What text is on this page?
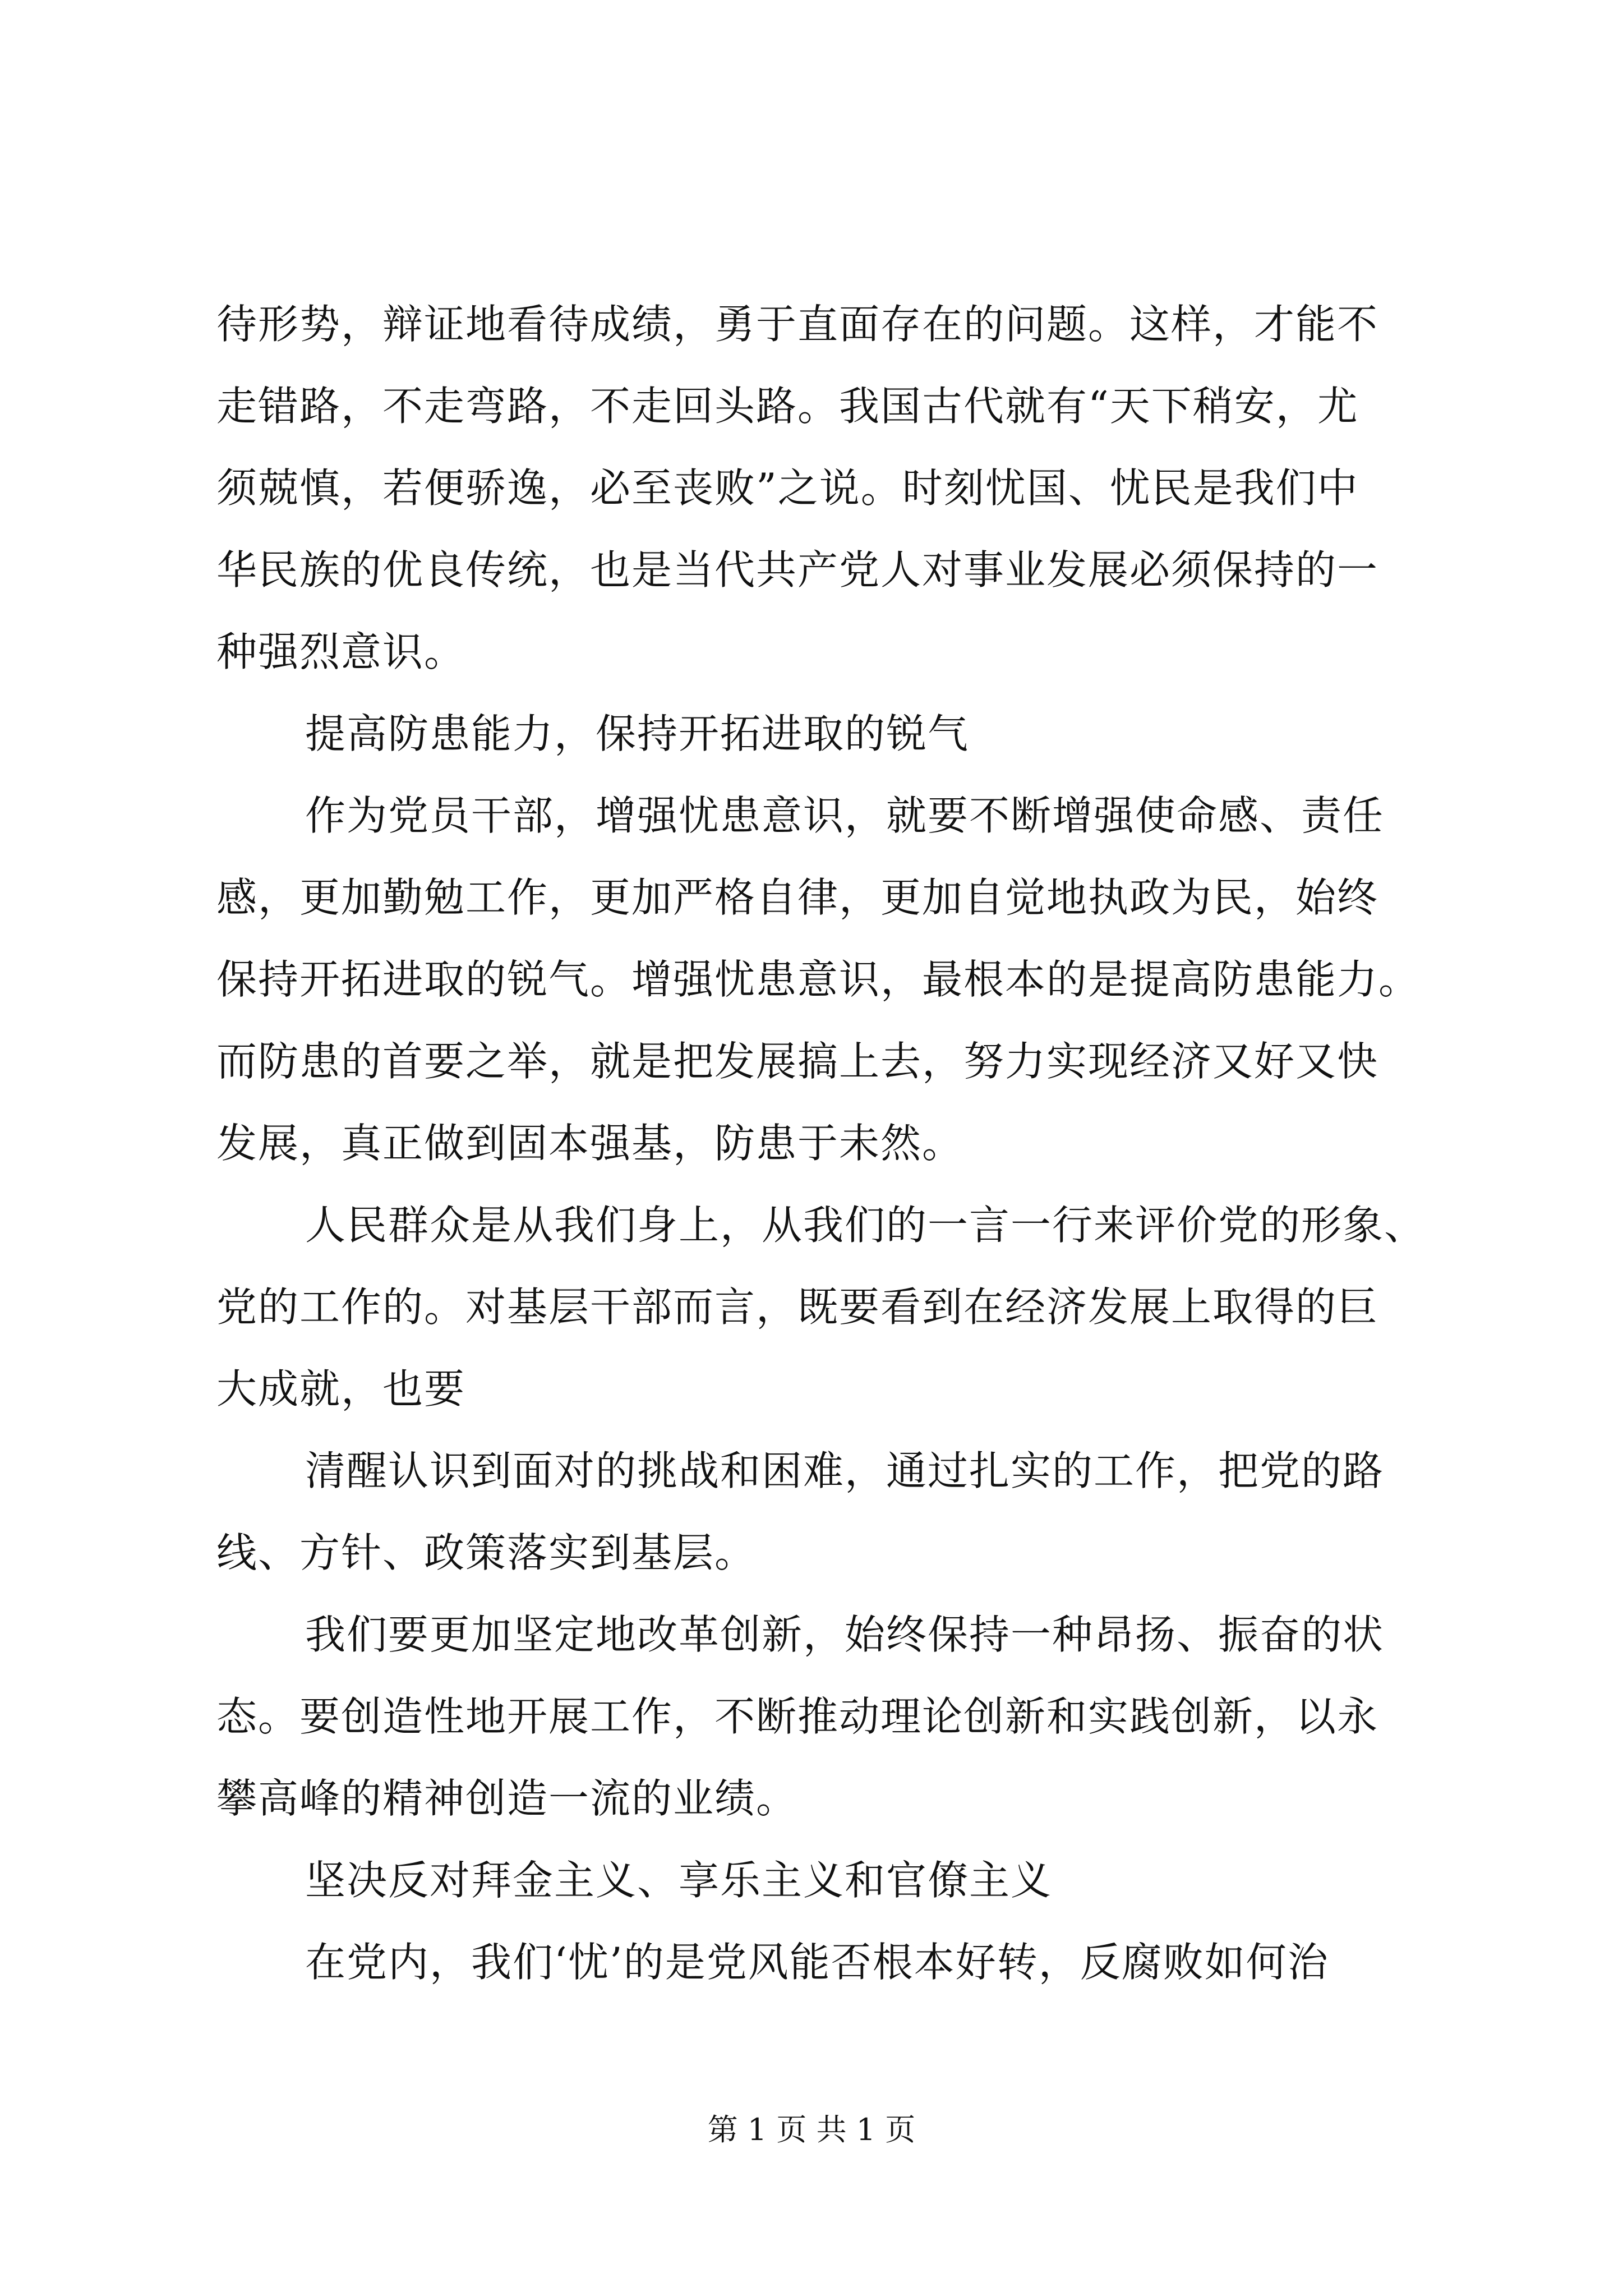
待形势，辩证地看待成绩，勇于直面存在的问题。这样，才能不
走错路，不走弯路，不走回头路。我国古代就有“天下稍安，尤
须兢慎，若便骄逸，必至丧败”之说。时刻忧国、忧民是我们中
华民族的优良传统，也是当代共产党人对事业发展必须保持的一
种强烈意识。
提高防患能力，保持开拓进取的锐气
作为党员干部，增强忧患意识，就要不断增强使命感、责任
感，更加勤勉工作，更加严格自律，更加自觉地执政为民，始终
保持开拓进取的锐气。增强忧患意识，最根本的是提高防患能力。
而防患的首要之举，就是把发展搞上去，努力实现经济又好又快
发展，真正做到固本强基，防患于未然。
人民群众是从我们身上，从我们的一言一行来评价党的形象、
党的工作的。对基层干部而言，既要看到在经济发展上取得的巨
大成就，也要
清醒认识到面对的挑战和困难，通过扎实的工作，把党的路
线、方针、政策落实到基层。
我们要更加坚定地改革创新，始终保持一种昂扬、振奋的状
态。要创造性地开展工作，不断推动理论创新和实践创新，以永
攀高峰的精神创造一流的业绩。
坚决反对拜金主义、享乐主义和官僚主义
在党内，我们‘忧’的是党风能否根本好转，反腐败如何治
第 1 页 共 1 页
